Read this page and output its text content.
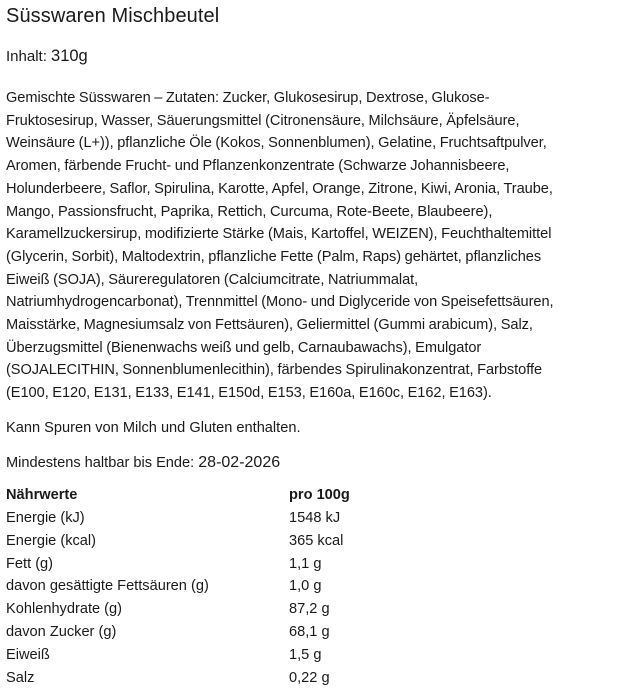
Süsswaren Mischbeutel
Inhalt: 310g
Gemischte Süsswaren – Zutaten: Zucker, Glukosesirup, Dextrose, Glukose-
Fruktosesirup, Wasser, Säuerungsmittel (Citronensäure, Milchsäure, Äpfelsäure,
Weinsäure (L+)), pflanzliche Öle (Kokos, Sonnenblumen), Gelatine, Fruchtsaftpulver,
Aromen, färbende Frucht- und Pflanzenkonzentrate (Schwarze Johannisbeere,
Holunderbeere, Saflor, Spirulina, Karotte, Apfel, Orange, Zitrone, Kiwi, Aronia, Traube,
Mango, Passionsfrucht, Paprika, Rettich, Curcuma, Rote-Beete, Blaubeere),
Karamellzuckersirup, modifizierte Stärke (Mais, Kartoffel, WEIZEN), Feuchthaltemittel
(Glycerin, Sorbit), Maltodextrin, pflanzliche Fette (Palm, Raps) gehärtet, pflanzliches
Eiweiß (SOJA), Säureregulatoren (Calciumcitrate, Natriummalat,
Natriumhydrogencarbonat), Trennmittel (Mono- und Diglyceride von Speisefettsäuren,
Maisstärke, Magnesiumsalz von Fettsäuren), Geliermittel (Gummi arabicum), Salz,
Überzugsmittel (Bienenwachs weiß und gelb, Carnaubawachs), Emulgator
(SOJALECITHIN, Sonnenblumenlecithin), färbendes Spirulinakonzentrat, Farbstoffe
(E100, E120, E131, E133, E141, E150d, E153, E160a, E160c, E162, E163).
Kann Spuren von Milch und Gluten enthalten.
Mindestens haltbar bis Ende: 28-02-2026
Nährwerte	pro 100g
Energie (kJ)	1548 kJ
Energie (kcal)	365 kcal
Fett (g)	1,1 g
davon gesättigte Fettsäuren (g)	1,0 g
Kohlenhydrate (g)	87,2 g
davon Zucker (g)	68,1 g
Eiweiß	1,5 g
Salz	0,22 g
